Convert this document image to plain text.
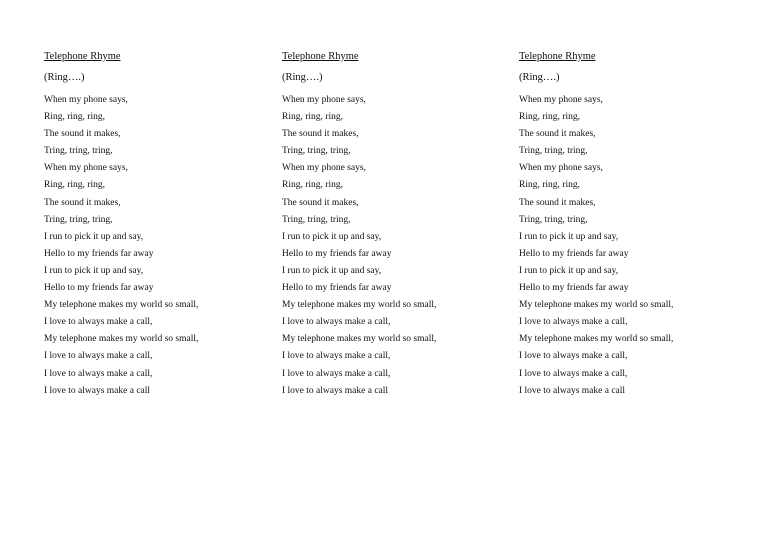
Telephone Rhyme
(Ring….)
When my phone says,
Ring, ring, ring,
The sound it makes,
Tring, tring, tring,
When my phone says,
Ring, ring, ring,
The sound it makes,
Tring, tring, tring,
I run to pick it up and say,
Hello to my friends far away
I run to pick it up and say,
Hello to my friends far away
My telephone makes my world so small,
I love to always make a call,
My telephone makes my world so small,
I love to always make a call,
I love to always make a call,
I love to always make a call
Telephone Rhyme
(Ring….)
When my phone says,
Ring, ring, ring,
The sound it makes,
Tring, tring, tring,
When my phone says,
Ring, ring, ring,
The sound it makes,
Tring, tring, tring,
I run to pick it up and say,
Hello to my friends far away
I run to pick it up and say,
Hello to my friends far away
My telephone makes my world so small,
I love to always make a call,
My telephone makes my world so small,
I love to always make a call,
I love to always make a call,
I love to always make a call
Telephone Rhyme
(Ring….)
When my phone says,
Ring, ring, ring,
The sound it makes,
Tring, tring, tring,
When my phone says,
Ring, ring, ring,
The sound it makes,
Tring, tring, tring,
I run to pick it up and say,
Hello to my friends far away
I run to pick it up and say,
Hello to my friends far away
My telephone makes my world so small,
I love to always make a call,
My telephone makes my world so small,
I love to always make a call,
I love to always make a call,
I love to always make a call
